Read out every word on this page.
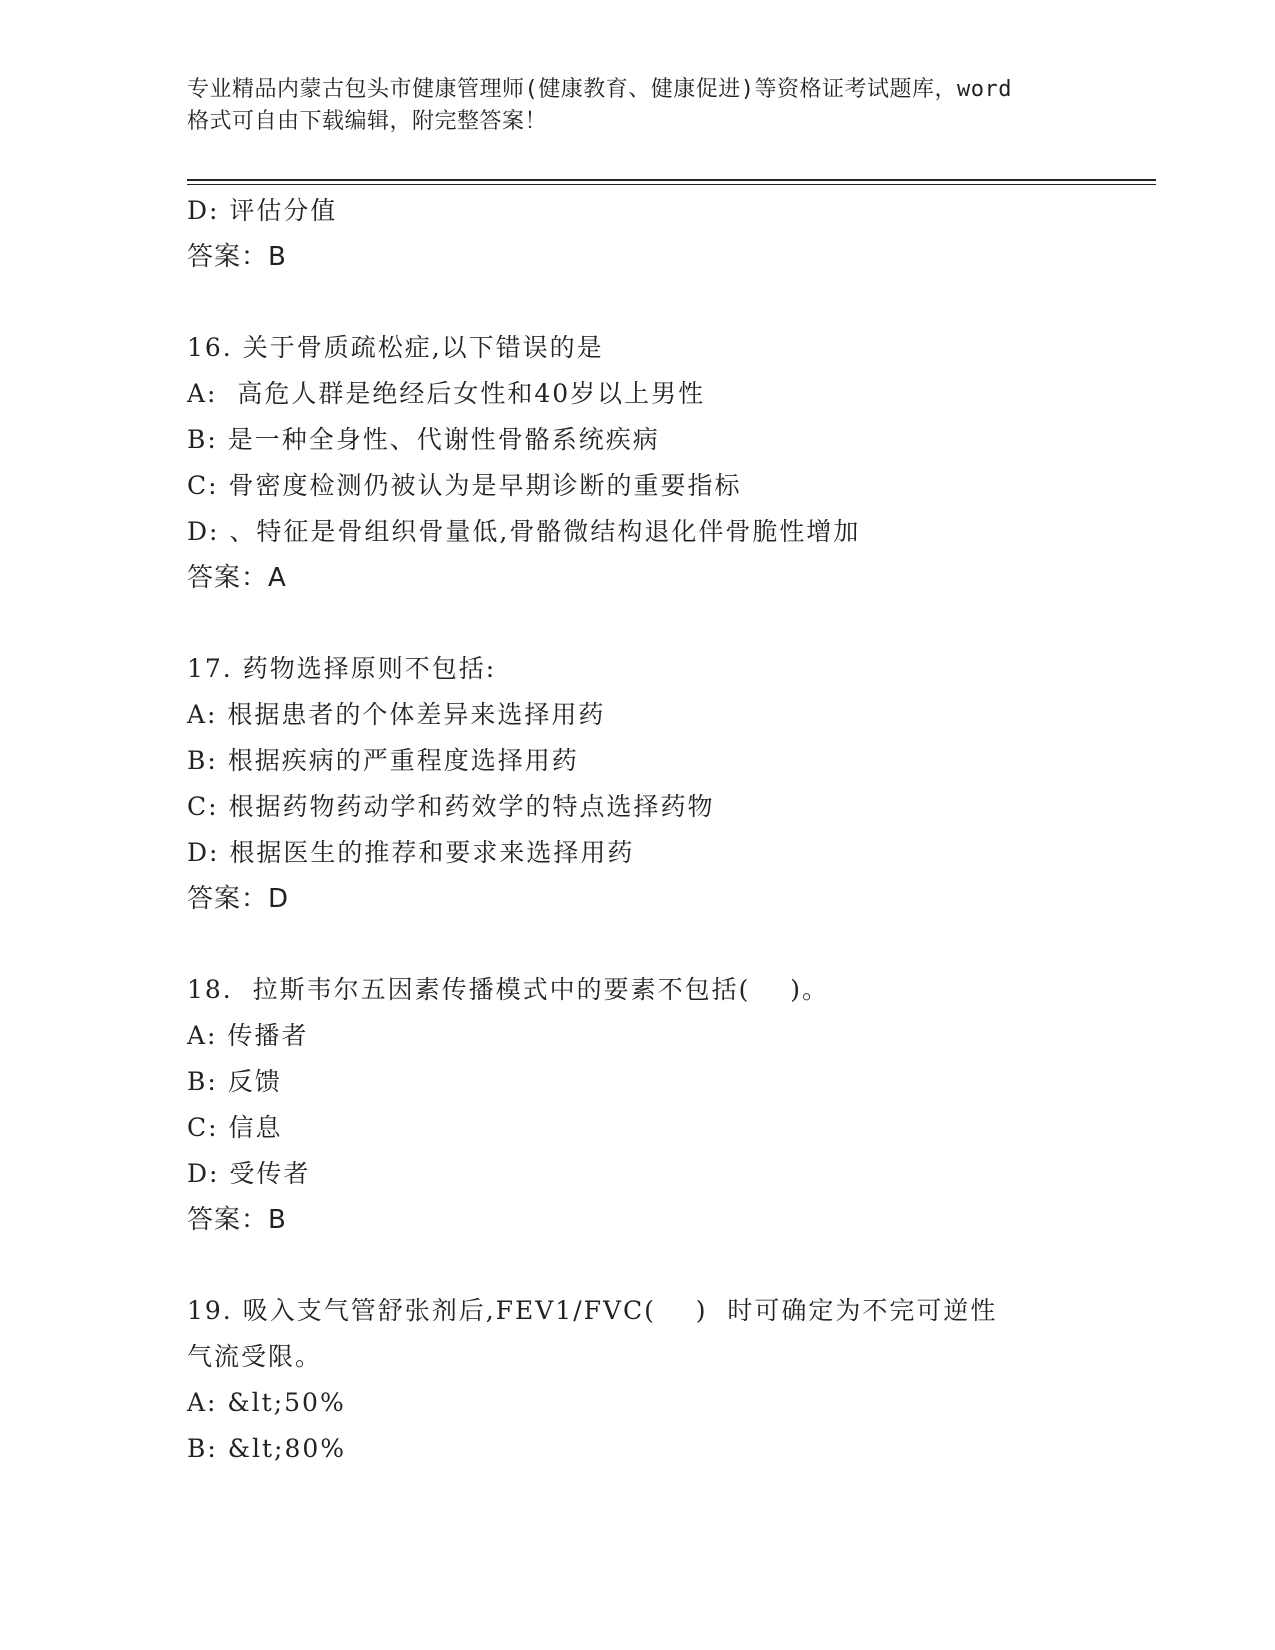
专业精品内蒙古包头市健康管理师(健康教育、健康促进)等资格证考试题库，word
格式可自由下载编辑，附完整答案！

D: 评估分值

答案：B

16. 关于骨质疏松症,以下错误的是

A:  高危人群是绝经后女性和40岁以上男性

B: 是一种全身性、代谢性骨骼系统疾病

C: 骨密度检测仍被认为是早期诊断的重要指标

D: 、特征是骨组织骨量低,骨骼微结构退化伴骨脆性增加

答案：A

17. 药物选择原则不包括:

A: 根据患者的个体差异来选择用药

B: 根据疾病的严重程度选择用药

C: 根据药物药动学和药效学的特点选择药物

D: 根据医生的推荐和要求来选择用药

答案：D

18.  拉斯韦尔五因素传播模式中的要素不包括(    )。

A: 传播者

B: 反馈

C: 信息

D: 受传者

答案：B

19. 吸入支气管舒张剂后,FEV1/FVC(    )  时可确定为不完可逆性

气流受限。

A: &lt;50%

B: &lt;80%
